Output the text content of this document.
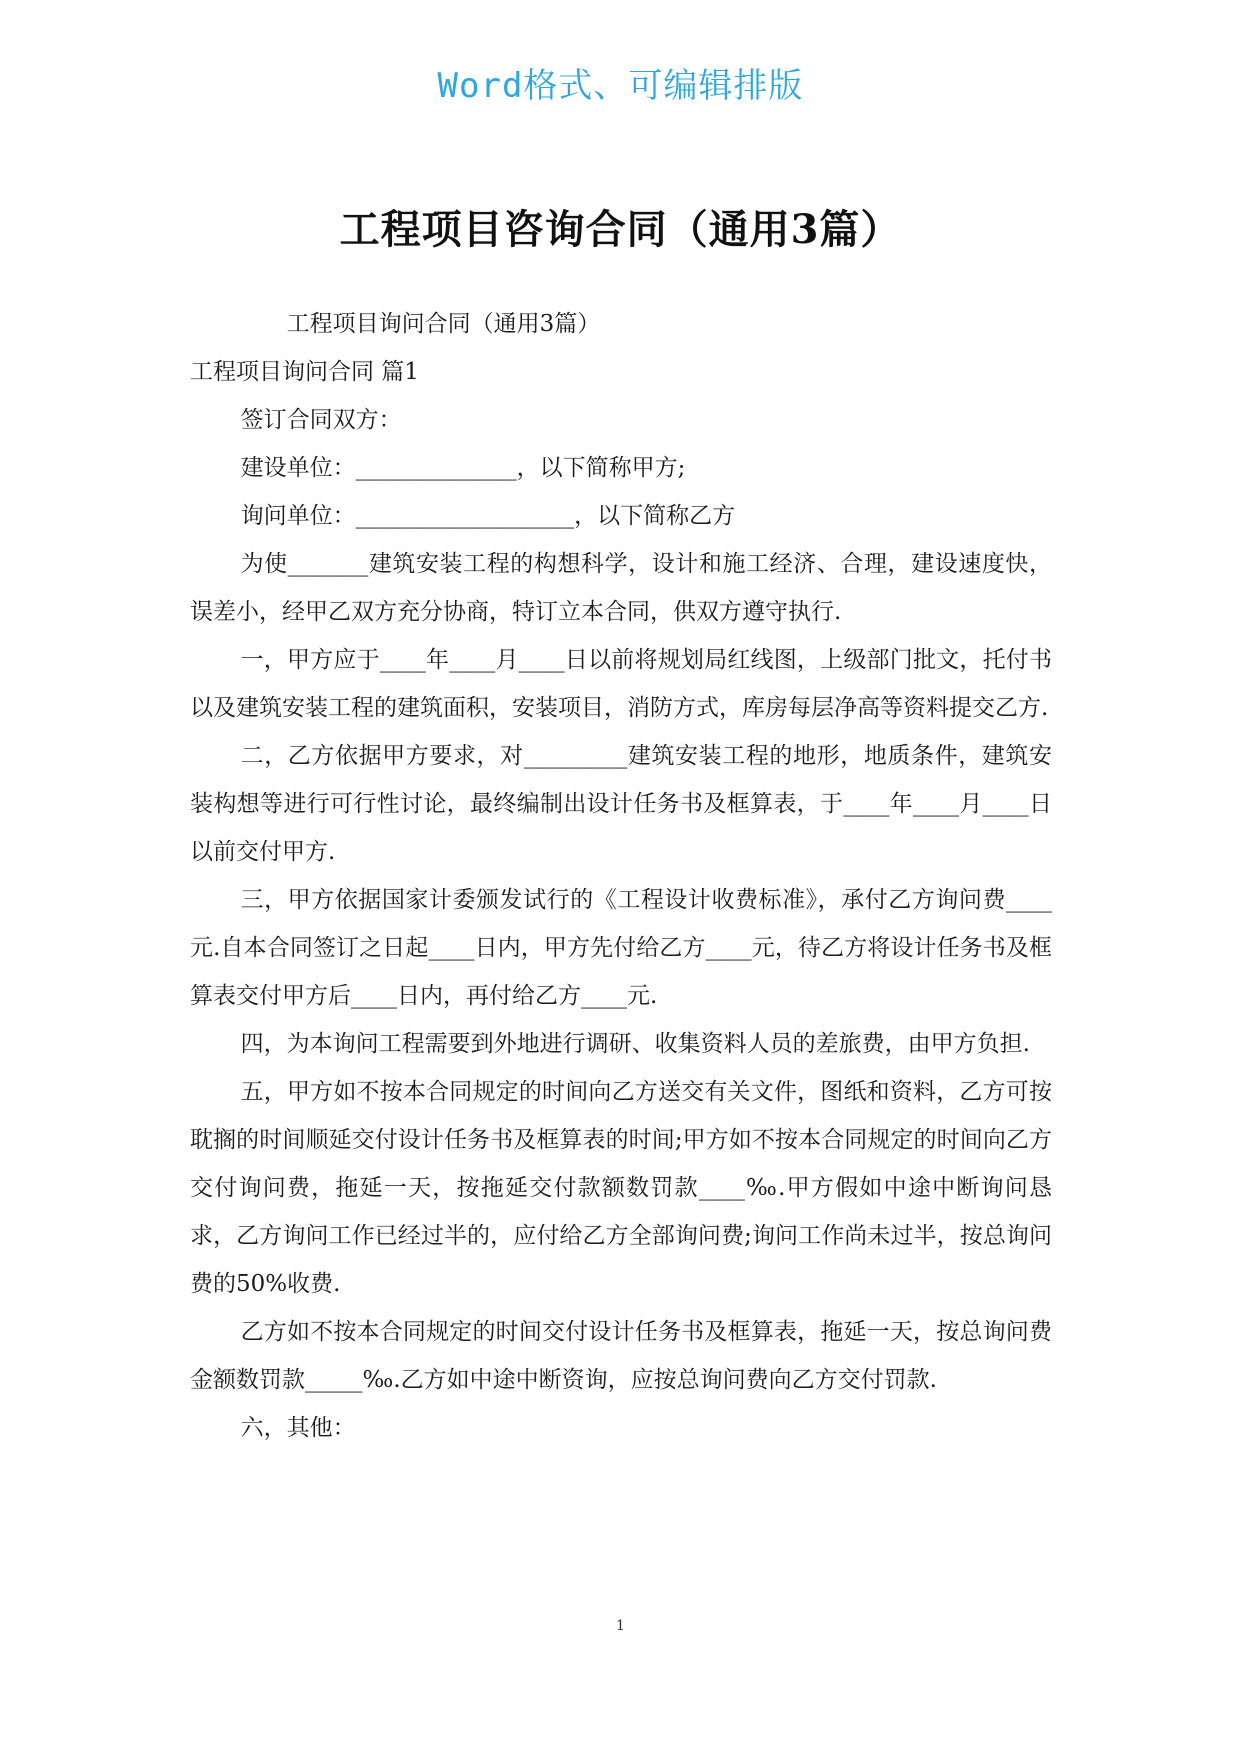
Word格式、可编辑排版
工程项目咨询合同（通用3篇）

工程项目询问合同（通用3篇）

工程项目询问合同 篇1

签订合同双方：

建设单位：______________，以下简称甲方;

询问单位：___________________，以下简称乙方

为使_______建筑安装工程的构想科学，设计和施工经济、合理，建设速度快，误差小，经甲乙双方充分协商，特订立本合同，供双方遵守执行.

一，甲方应于____年____月____日以前将规划局红线图，上级部门批文，托付书以及建筑安装工程的建筑面积，安装项目，消防方式，库房每层净高等资料提交乙方.

二，乙方依据甲方要求，对_________建筑安装工程的地形，地质条件，建筑安装构想等进行可行性讨论，最终编制出设计任务书及框算表，于____年____月____日以前交付甲方.

三，甲方依据国家计委颁发试行的《工程设计收费标准》，承付乙方询问费____元.自本合同签订之日起____日内，甲方先付给乙方____元，待乙方将设计任务书及框算表交付甲方后____日内，再付给乙方____元.

四，为本询问工程需要到外地进行调研、收集资料人员的差旅费，由甲方负担.

五，甲方如不按本合同规定的时间向乙方送交有关文件，图纸和资料，乙方可按耽搁的时间顺延交付设计任务书及框算表的时间;甲方如不按本合同规定的时间向乙方交付询问费，拖延一天，按拖延交付款额数罚款____‰.甲方假如中途中断询问恳求，乙方询问工作已经过半的，应付给乙方全部询问费;询问工作尚未过半，按总询问费的50%收费.

乙方如不按本合同规定的时间交付设计任务书及框算表，拖延一天，按总询问费金额数罚款_____‰.乙方如中途中断资询，应按总询问费向乙方交付罚款.

六，其他：

1
